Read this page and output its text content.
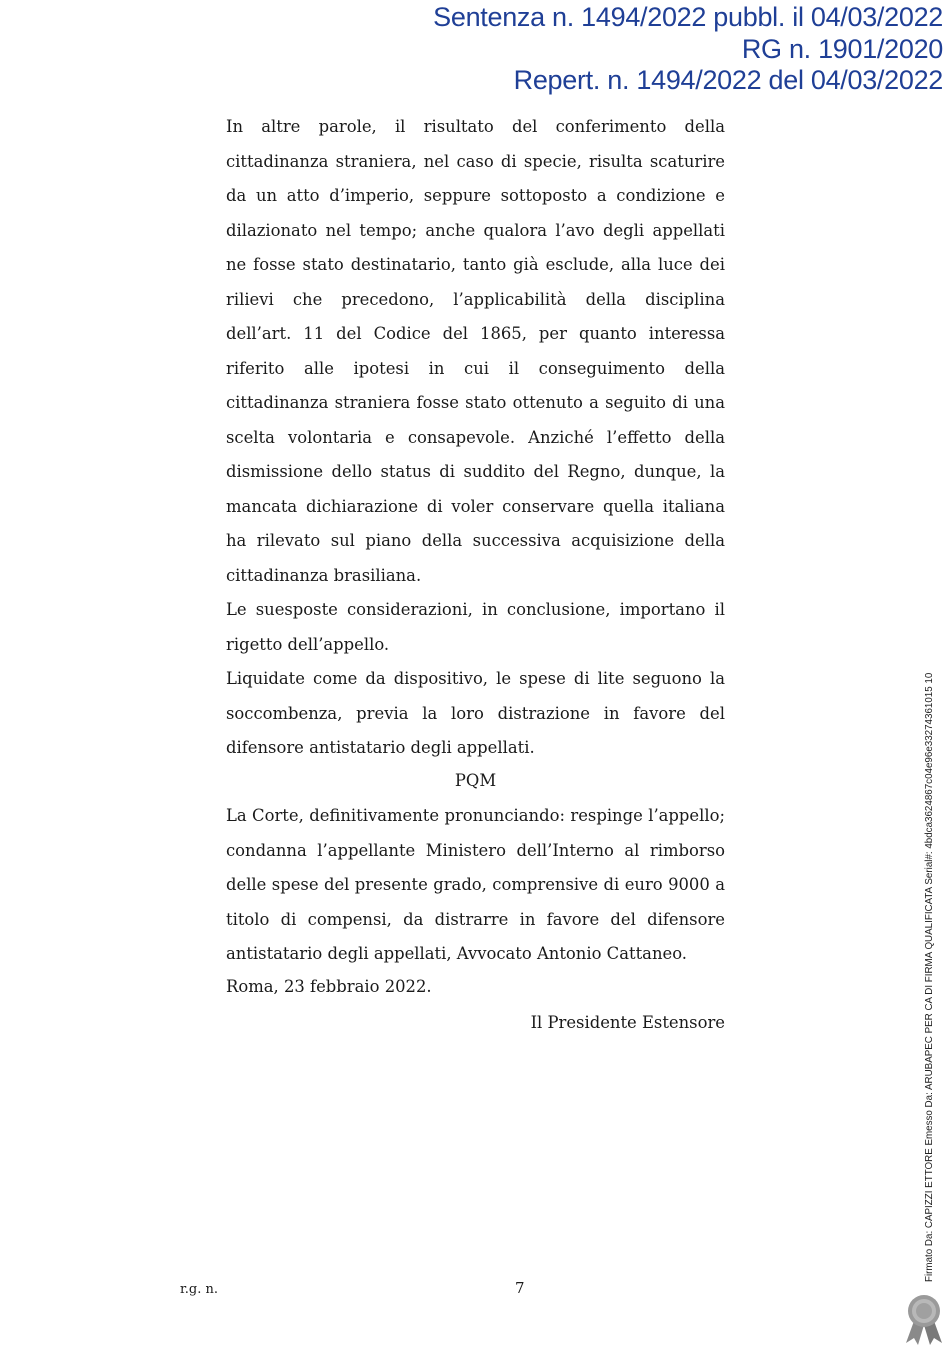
Sentenza n. 1494/2022 pubbl. il 04/03/2022
RG n. 1901/2020
Repert. n. 1494/2022 del 04/03/2022

In altre parole, il risultato del conferimento della cittadinanza straniera, nel caso di specie, risulta scaturire da un atto d’imperio, seppure sottoposto a condizione e dilazionato nel tempo; anche qualora l’avo degli appellati ne fosse stato destinatario, tanto già esclude, alla luce dei rilievi che precedono, l’applicabilità della disciplina dell’art. 11 del Codice del 1865, per quanto interessa riferito alle ipotesi in cui il conseguimento della cittadinanza straniera fosse stato ottenuto a seguito di una scelta volontaria e consapevole. Anziché l’effetto della dismissione dello status di suddito del Regno, dunque, la mancata dichiarazione di voler conservare quella italiana ha rilevato sul piano della successiva acquisizione della cittadinanza brasiliana.

Le suesposte considerazioni, in conclusione, importano il rigetto dell’appello.

Liquidate come da dispositivo, le spese di lite seguono la soccombenza, previa la loro distrazione in favore del difensore antistatario degli appellati.

PQM

La Corte, definitivamente pronunciando: respinge l’appello; condanna l’appellante Ministero dell’Interno al rimborso delle spese del presente grado, comprensive di euro 9000 a titolo di compensi, da distrarre in favore del difensore antistatario degli appellati, Avvocato Antonio Cattaneo.

Roma, 23 febbraio 2022.
Il Presidente Estensore
r.g. n.	7
Firmato Da: CAPIZZI ETTORE Emesso Da: ARUBAPEC PER CA DI FIRMA QUALIFICATA Serial#: 4bdca3624867c04e96e33274361015 10
